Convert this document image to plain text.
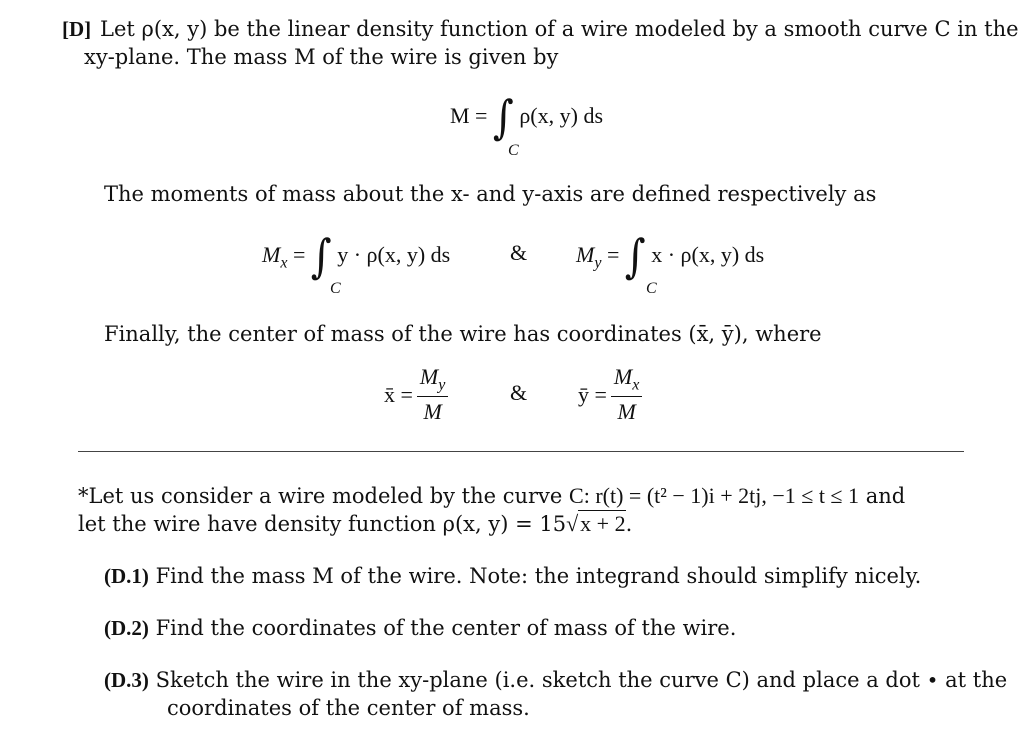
[D] Let ρ(x, y) be the linear density function of a wire modeled by a smooth curve C in the
xy-plane. The mass M of the wire is given by
M = ∫ ρ(x, y) ds
C
The moments of mass about the x- and y-axis are defined respectively as
$M_x$ = ∫ y · ρ(x, y) ds
C
& $M_y$ = ∫ x · ρ(x, y) ds
C
Finally, the center of mass of the wire has coordinates (x̄, ȳ), where
x̄ = $\frac{M_y}{M}$	& ȳ = $\frac{M_x}{M}$
*Let us consider a wire modeled by the curve C: r(t) = (t² − 1)i + 2tj, −1 ≤ t ≤ 1 and
let the wire have density function ρ(x, y) = 15√x + 2.
(D.1) Find the mass M of the wire. Note: the integrand should simplify nicely.
(D.2) Find the coordinates of the center of mass of the wire.
(D.3) Sketch the wire in the xy-plane (i.e. sketch the curve C) and place a dot • at the
coordinates of the center of mass.
